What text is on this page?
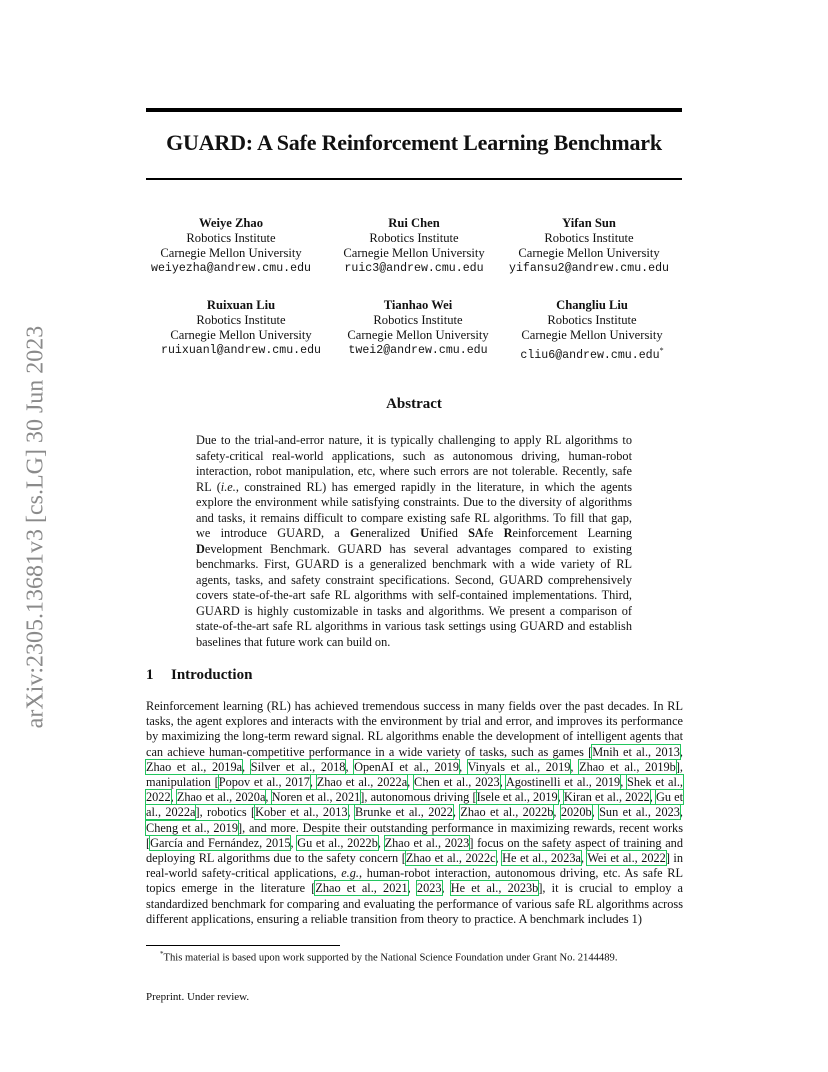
arXiv:2305.13681v3 [cs.LG] 30 Jun 2023
GUARD: A Safe Reinforcement Learning Benchmark
Weiye Zhao
Robotics Institute
Carnegie Mellon University
weiyezha@andrew.cmu.edu
Rui Chen
Robotics Institute
Carnegie Mellon University
ruic3@andrew.cmu.edu
Yifan Sun
Robotics Institute
Carnegie Mellon University
yifansu2@andrew.cmu.edu
Ruixuan Liu
Robotics Institute
Carnegie Mellon University
ruixuanl@andrew.cmu.edu
Tianhao Wei
Robotics Institute
Carnegie Mellon University
twei2@andrew.cmu.edu
Changliu Liu
Robotics Institute
Carnegie Mellon University
cliu6@andrew.cmu.edu*
Abstract

Due to the trial-and-error nature, it is typically challenging to apply RL algorithms to safety-critical real-world applications, such as autonomous driving, human-robot interaction, robot manipulation, etc, where such errors are not tolerable. Recently, safe RL (i.e., constrained RL) has emerged rapidly in the literature, in which the agents explore the environment while satisfying constraints. Due to the diversity of algorithms and tasks, it remains difficult to compare existing safe RL algorithms. To fill that gap, we introduce GUARD, a Generalized Unified SAfe Reinforcement Learning Development Benchmark. GUARD has several advantages compared to existing benchmarks. First, GUARD is a generalized benchmark with a wide variety of RL agents, tasks, and safety constraint specifications. Second, GUARD comprehensively covers state-of-the-art safe RL algorithms with self-contained implementations. Third, GUARD is highly customizable in tasks and algorithms. We present a comparison of state-of-the-art safe RL algorithms in various task settings using GUARD and establish baselines that future work can build on.

1 Introduction

Reinforcement learning (RL) has achieved tremendous success in many fields over the past decades. In RL tasks, the agent explores and interacts with the environment by trial and error, and improves its performance by maximizing the long-term reward signal. RL algorithms enable the development of intelligent agents that can achieve human-competitive performance in a wide variety of tasks, such as games [Mnih et al., 2013, Zhao et al., 2019a, Silver et al., 2018, OpenAI et al., 2019, Vinyals et al., 2019, Zhao et al., 2019b], manipulation [Popov et al., 2017, Zhao et al., 2022a, Chen et al., 2023, Agostinelli et al., 2019, Shek et al., 2022, Zhao et al., 2020a, Noren et al., 2021], autonomous driving [Isele et al., 2019, Kiran et al., 2022, Gu et al., 2022a], robotics [Kober et al., 2013, Brunke et al., 2022, Zhao et al., 2022b, 2020b, Sun et al., 2023, Cheng et al., 2019], and more. Despite their outstanding performance in maximizing rewards, recent works [García and Fernández, 2015, Gu et al., 2022b, Zhao et al., 2023] focus on the safety aspect of training and deploying RL algorithms due to the safety concern [Zhao et al., 2022c, He et al., 2023a, Wei et al., 2022] in real-world safety-critical applications, e.g., human-robot interaction, autonomous driving, etc. As safe RL topics emerge in the literature [Zhao et al., 2021, 2023, He et al., 2023b], it is crucial to employ a standardized benchmark for comparing and evaluating the performance of various safe RL algorithms across different applications, ensuring a reliable transition from theory to practice. A benchmark includes 1)

*This material is based upon work supported by the National Science Foundation under Grant No. 2144489.
Preprint. Under review.
